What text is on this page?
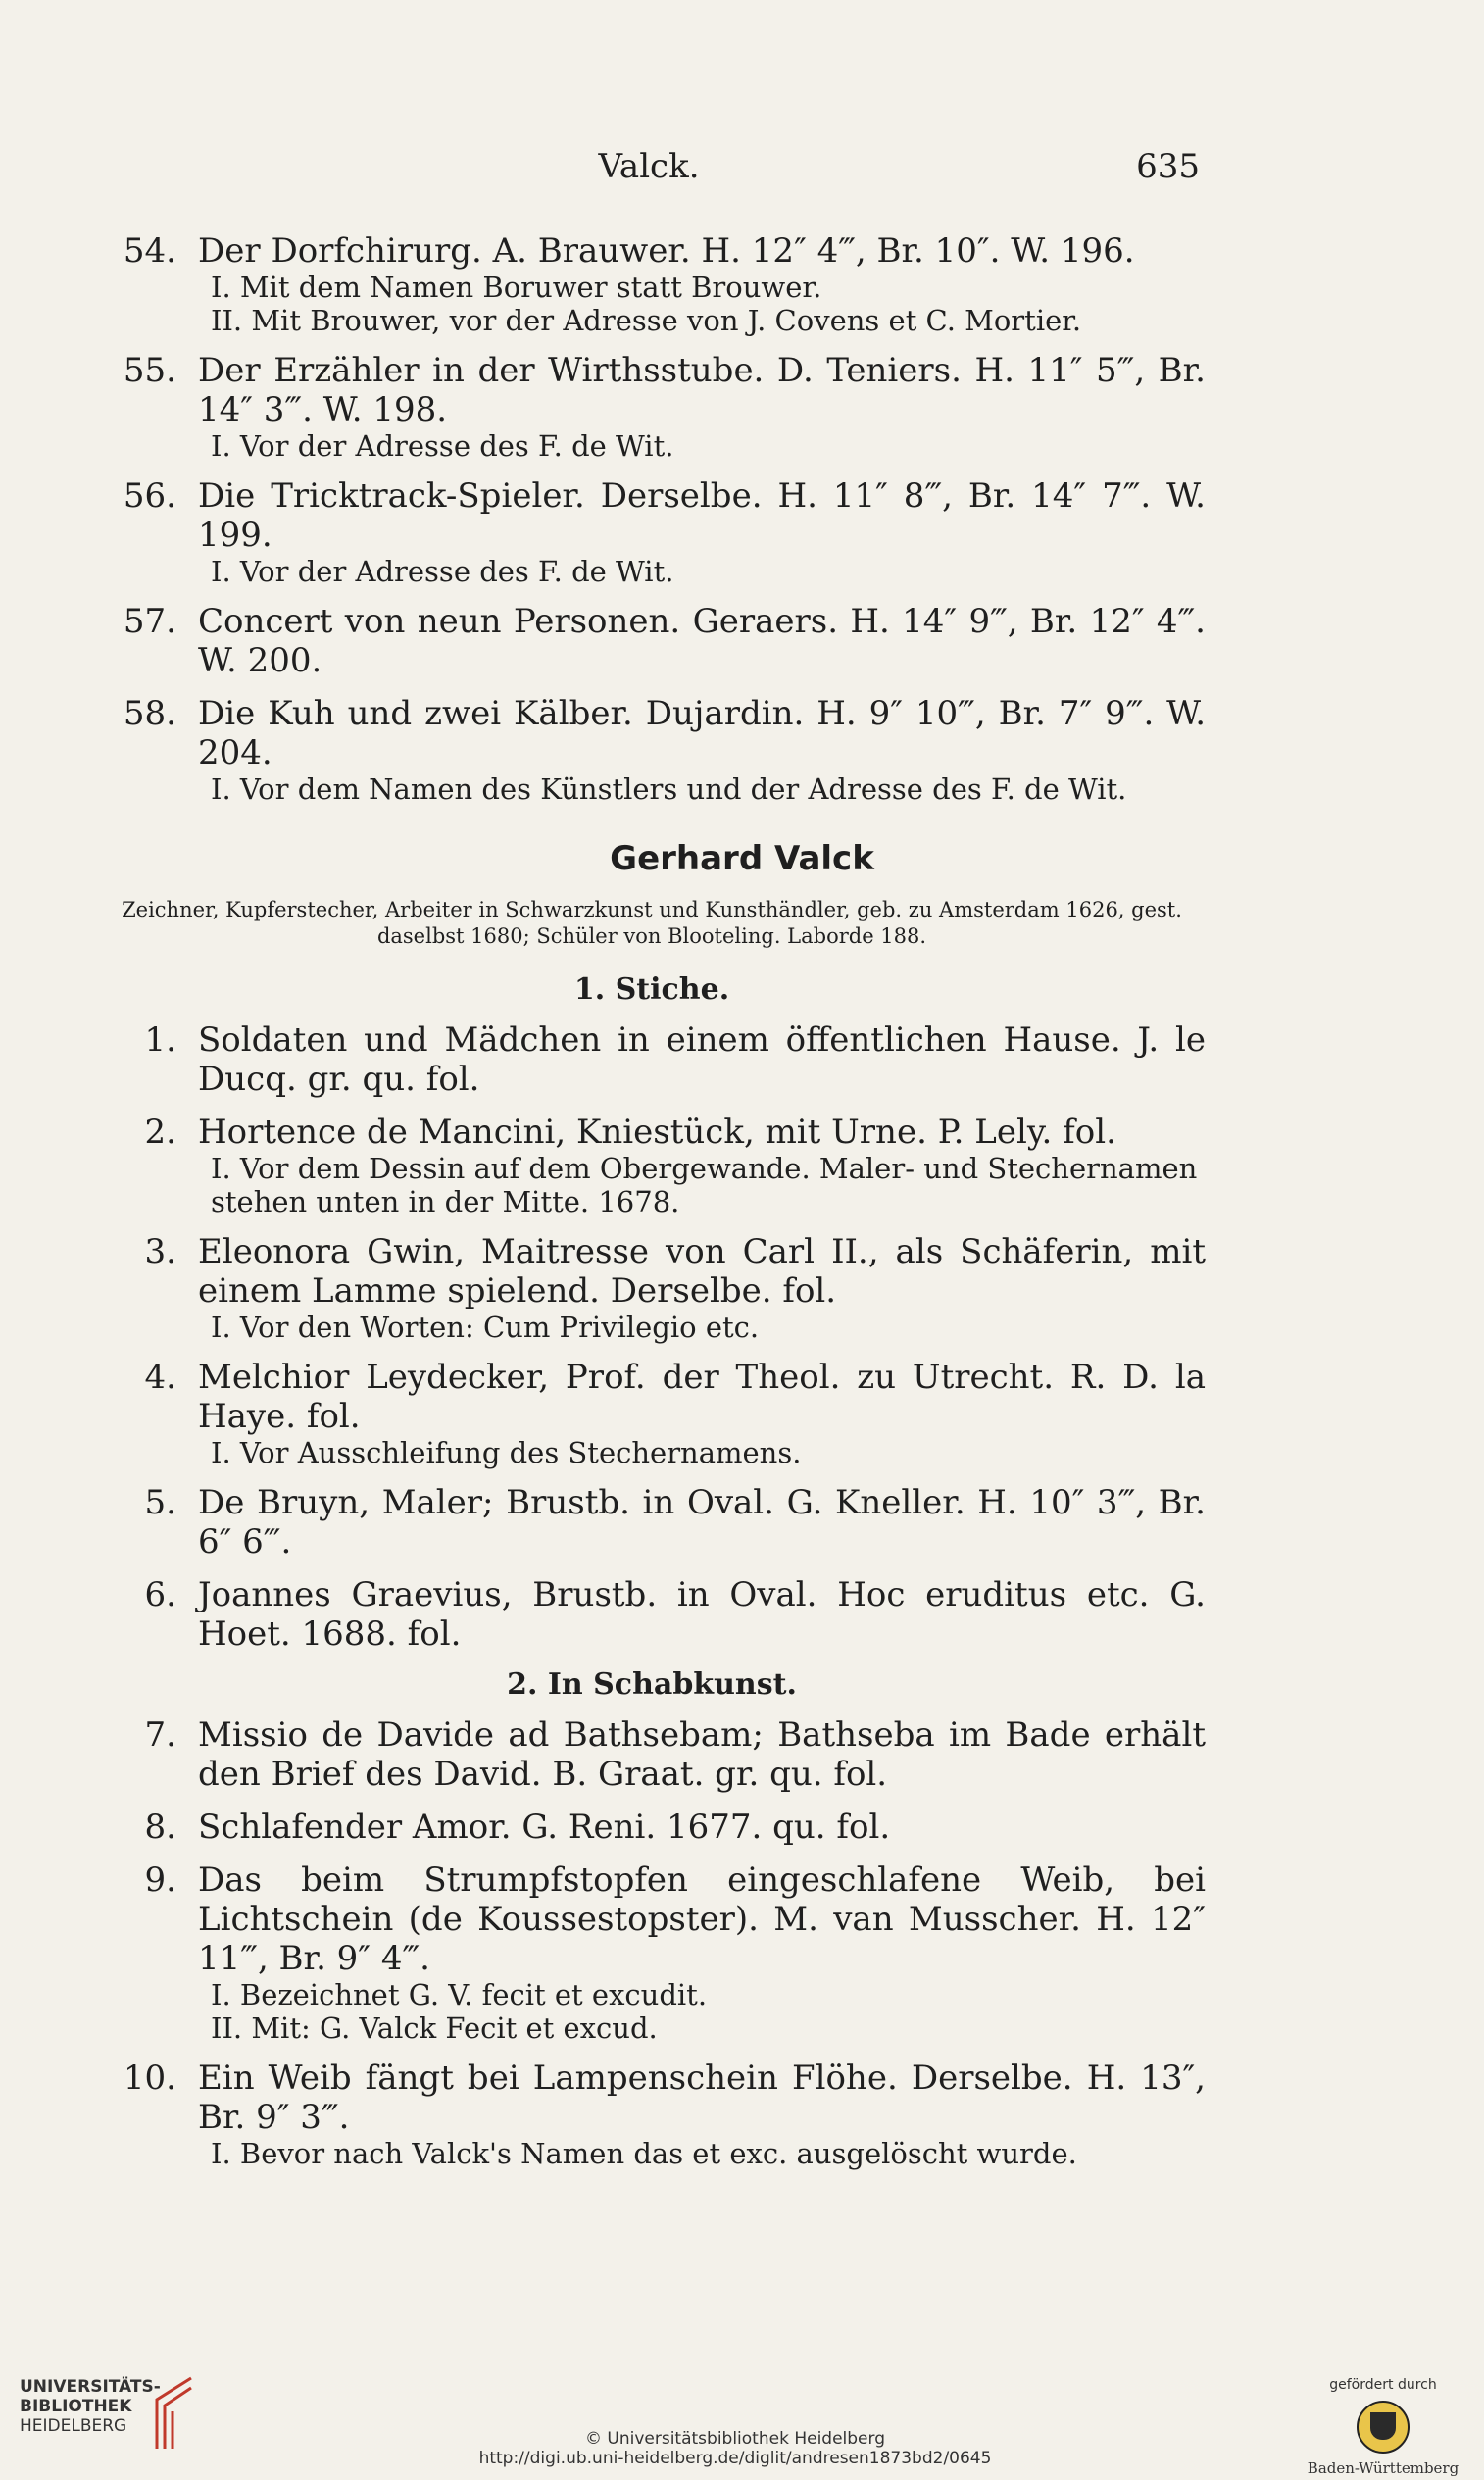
Valck.	635
54. Der Dorfchirurg. A. Brauwer. H. 12″ 4‴, Br. 10″. W. 196.
I. Mit dem Namen Boruwer statt Brouwer.
II. Mit Brouwer, vor der Adresse von J. Covens et C. Mortier.
55. Der Erzähler in der Wirthsstube. D. Teniers. H. 11″ 5‴, Br. 14″ 3‴. W. 198.
I. Vor der Adresse des F. de Wit.
56. Die Tricktrack-Spieler. Derselbe. H. 11″ 8‴, Br. 14″ 7‴. W. 199.
I. Vor der Adresse des F. de Wit.
57. Concert von neun Personen. Geraers. H. 14″ 9‴, Br. 12″ 4‴. W. 200.
58. Die Kuh und zwei Kälber. Dujardin. H. 9″ 10‴, Br. 7″ 9‴. W. 204.
I. Vor dem Namen des Künstlers und der Adresse des F. de Wit.
Gerhard Valck
Zeichner, Kupferstecher, Arbeiter in Schwarzkunst und Kunsthändler, geb. zu Amsterdam 1626, gest. daselbst 1680; Schüler von Blooteling. Laborde 188.
1. Stiche.
1. Soldaten und Mädchen in einem öffentlichen Hause. J. le Ducq. gr. qu. fol.
2. Hortence de Mancini, Kniestück, mit Urne. P. Lely. fol.
I. Vor dem Dessin auf dem Obergewande. Maler- und Stechernamen stehen unten in der Mitte. 1678.
3. Eleonora Gwin, Maitresse von Carl II., als Schäferin, mit einem Lamme spielend. Derselbe. fol.
I. Vor den Worten: Cum Privilegio etc.
4. Melchior Leydecker, Prof. der Theol. zu Utrecht. R. D. la Haye. fol.
I. Vor Ausschleifung des Stechernamens.
5. De Bruyn, Maler; Brustb. in Oval. G. Kneller. H. 10″ 3‴, Br. 6″ 6‴.
6. Joannes Graevius, Brustb. in Oval. Hoc eruditus etc. G. Hoet. 1688. fol.
2. In Schabkunst.
7. Missio de Davide ad Bathsebam; Bathseba im Bade erhält den Brief des David. B. Graat. gr. qu. fol.
8. Schlafender Amor. G. Reni. 1677. qu. fol.
9. Das beim Strumpfstopfen eingeschlafene Weib, bei Lichtschein (de Koussestopster). M. van Musscher. H. 12″ 11‴, Br. 9″ 4‴.
I. Bezeichnet G. V. fecit et excudit.
II. Mit: G. Valck Fecit et excud.
10. Ein Weib fängt bei Lampenschein Flöhe. Derselbe. H. 13″, Br. 9″ 3‴.
I. Bevor nach Valck's Namen das et exc. ausgelöscht wurde.
UNIVERSITÄTS-
BIBLIOTHEK
HEIDELBERG
© Universitätsbibliothek Heidelberg
http://digi.ub.uni-heidelberg.de/diglit/andresen1873bd2/0645
gefördert durch
Baden-Württemberg
